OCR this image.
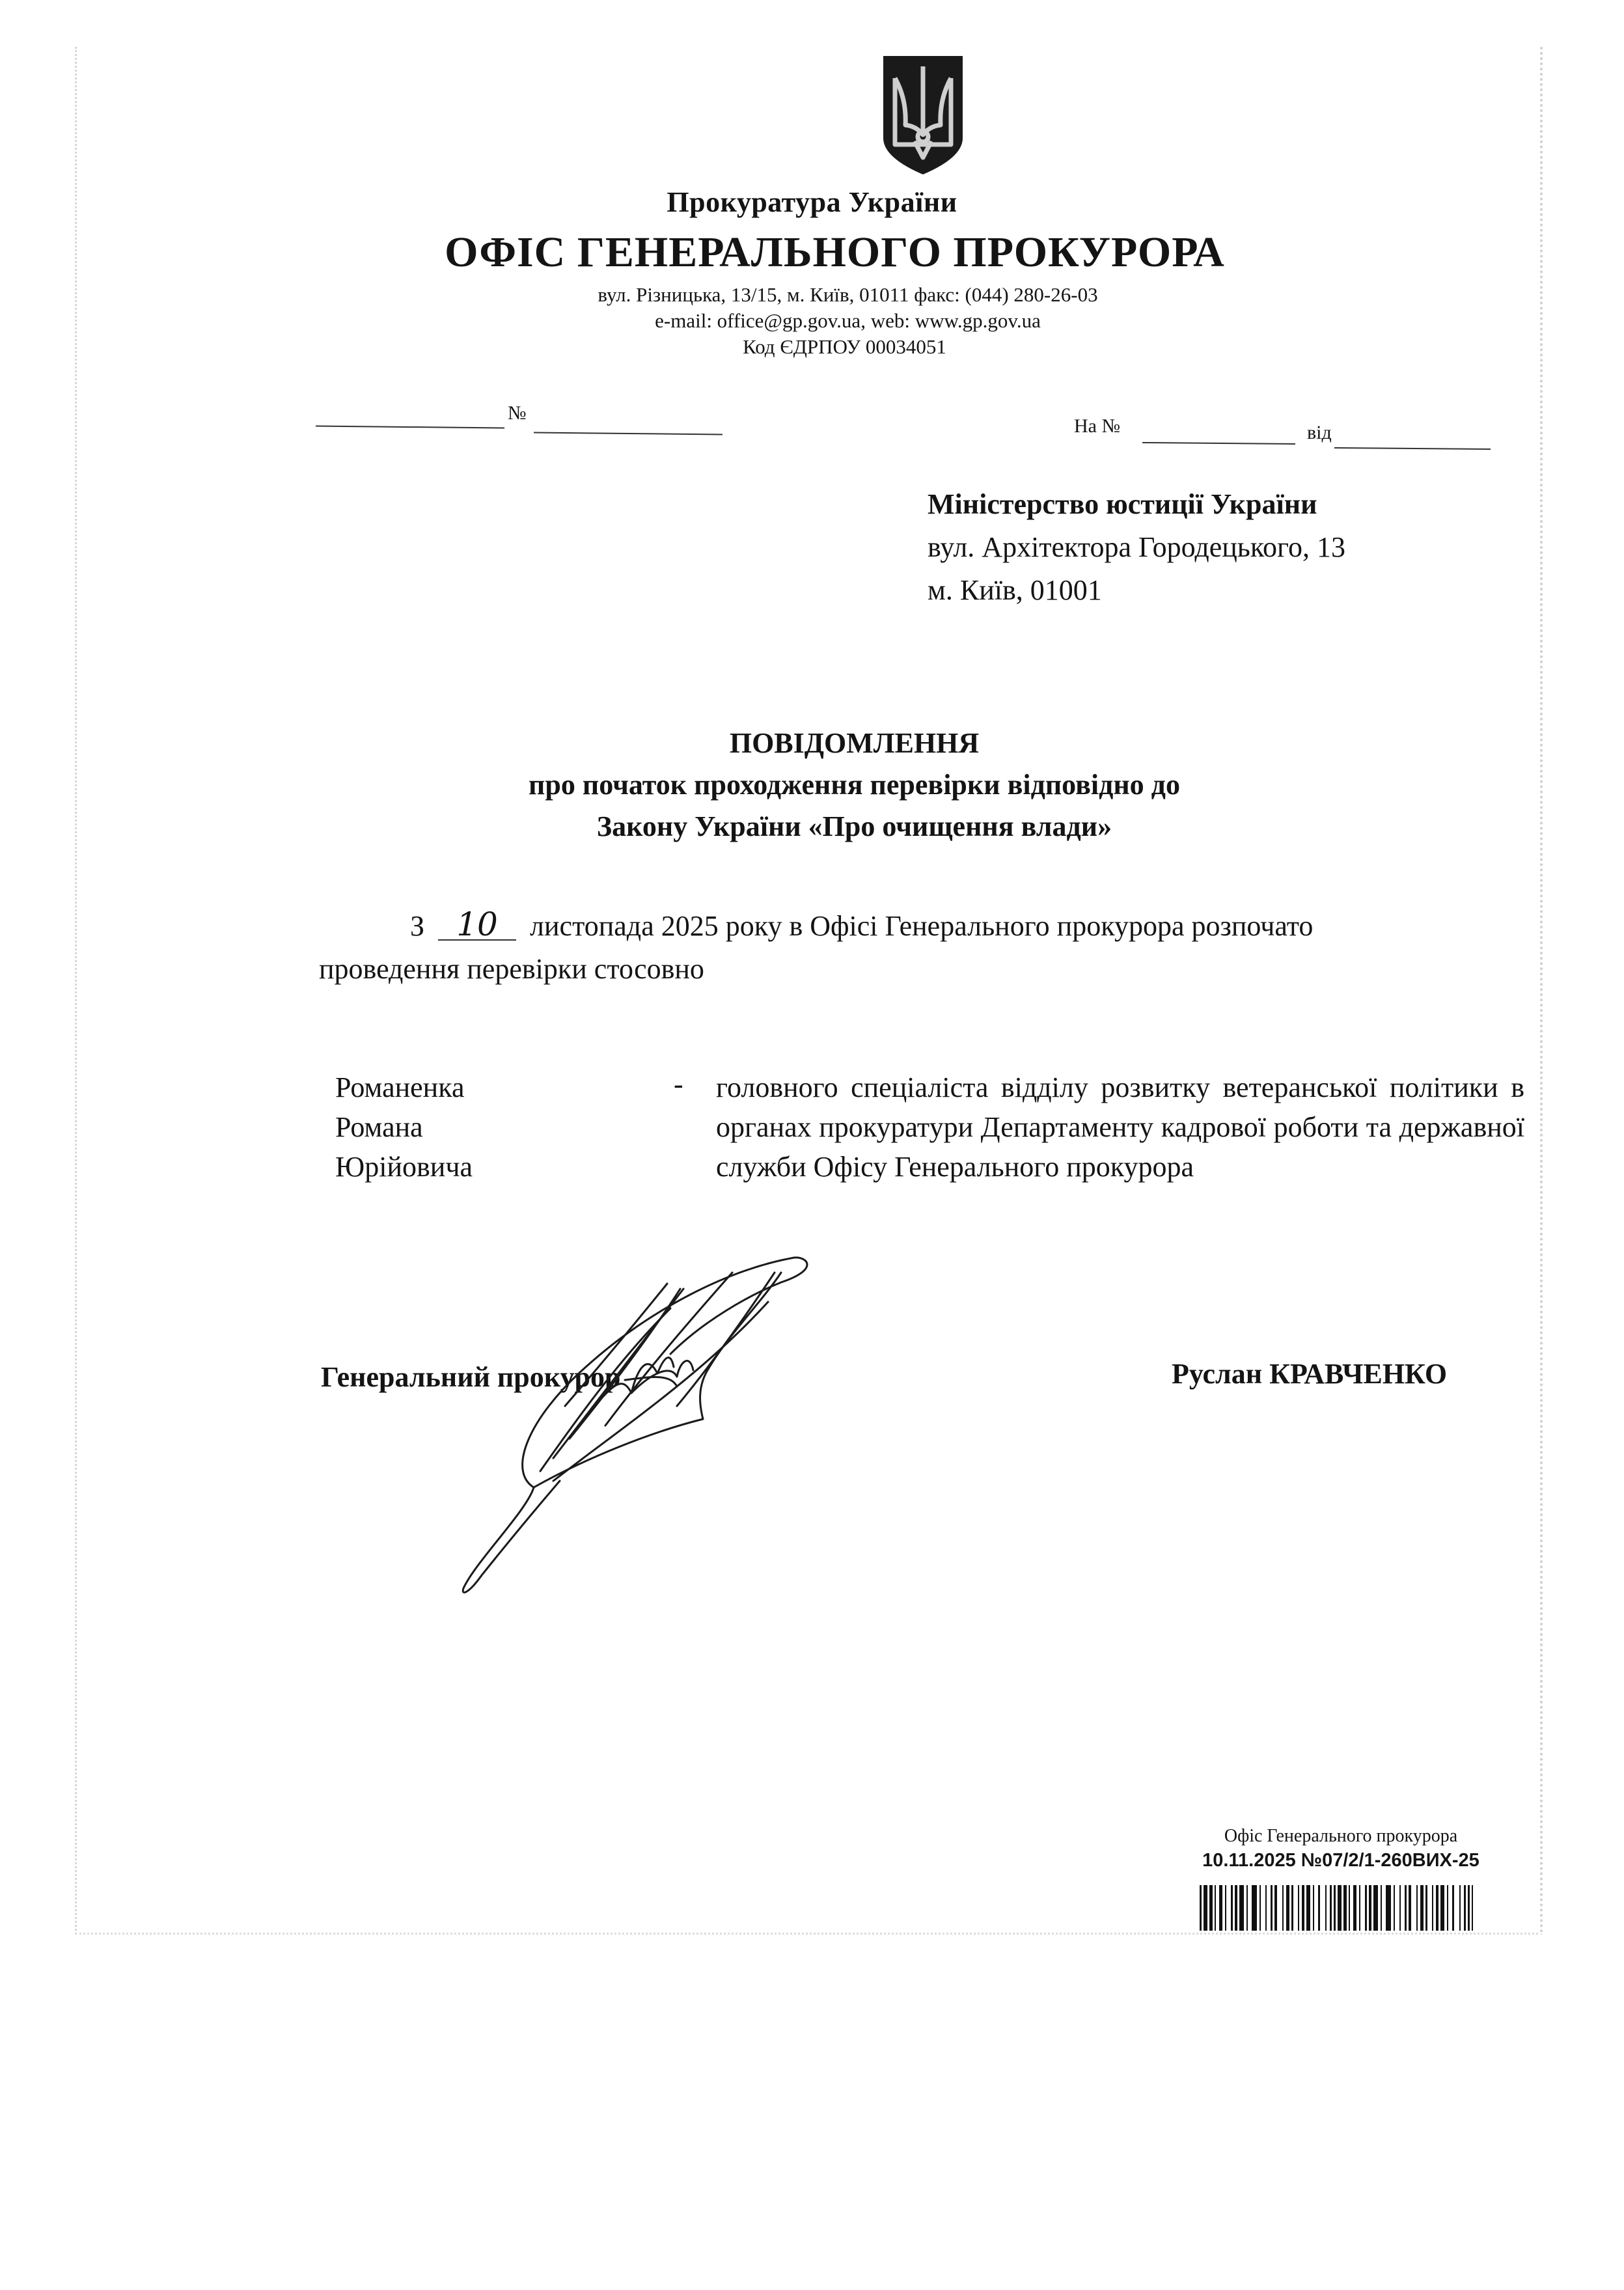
Прокуратура України
ОФІС ГЕНЕРАЛЬНОГО ПРОКУРОРА
вул. Різницька, 13/15, м. Київ, 01011 факс: (044) 280-26-03
e-mail: office@gp.gov.ua, web: www.gp.gov.ua
Код ЄДРПОУ 00034051
№
На №	від
Міністерство юстиції України
вул. Архітектора Городецького, 13
м. Київ, 01001
ПОВІДОМЛЕННЯ
про початок проходження перевірки відповідно до
Закону України «Про очищення влади»
З 10 листопада 2025 року в Офісі Генерального прокурора розпочато
проведення перевірки стосовно
Романенка
Романа
Юрійовича
- головного спеціаліста відділу розвитку ветеранської політики в органах прокуратури Департаменту кадрової роботи та державної служби Офісу Генерального прокурора
Генеральний прокурор	Руслан КРАВЧЕНКО
Офіс Генерального прокурора
10.11.2025 №07/2/1-260ВИХ-25
